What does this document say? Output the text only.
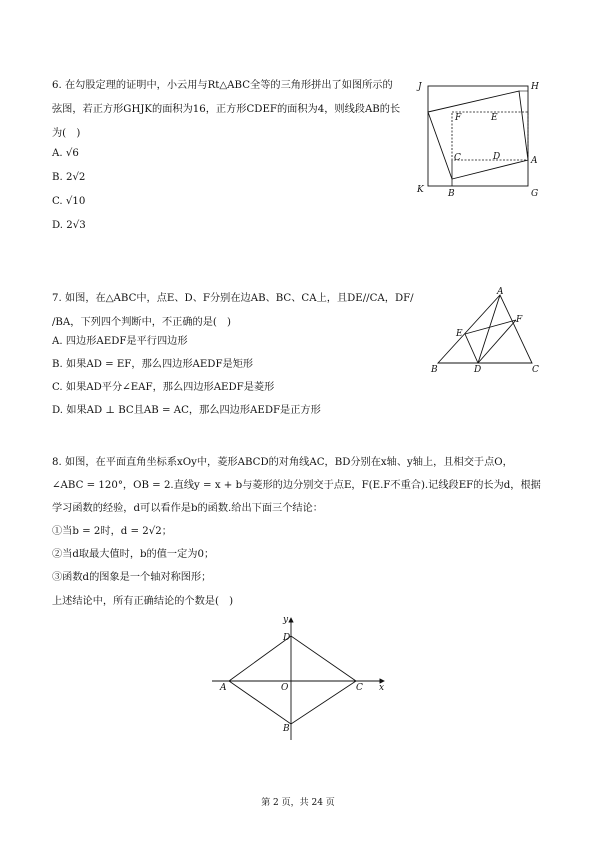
6. 在勾股定理的证明中，小云用与Rt△ABC全等的三角形拼出了如图所示的
弦图，若正方形GHJK的面积为16，正方形CDEF的面积为4，则线段AB的长
为(　)
A. √6
B. 2√2
C. √10
D. 2√3
J	H
F	E
C	D	A
K	B	G
7. 如图，在△ABC中，点E、D、F分别在边AB、BC、CA上，且DE//CA，DF/
/BA，下列四个判断中，不正确的是(　)
A. 四边形AEDF是平行四边形
B. 如果AD = EF，那么四边形AEDF是矩形
C. 如果AD平分∠EAF，那么四边形AEDF是菱形
D. 如果AD ⊥ BC且AB = AC，那么四边形AEDF是正方形
A
E
F
B	D	C
8. 如图，在平面直角坐标系xOy中，菱形ABCD的对角线AC，BD分别在x轴、y轴上，且相交于点O，
∠ABC = 120°，OB = 2.直线y = x + b与菱形的边分别交于点E，F(E.F不重合).记线段EF的长为d，根据
学习函数的经验，d可以看作是b的函数.给出下面三个结论：
①当b = 2时，d = 2√2；
②当d取最大值时，b的值一定为0；
③函数d的图象是一个轴对称图形；
上述结论中，所有正确结论的个数是(　)
y
x
D
A	O	C
B
第 2 页，共 24 页
